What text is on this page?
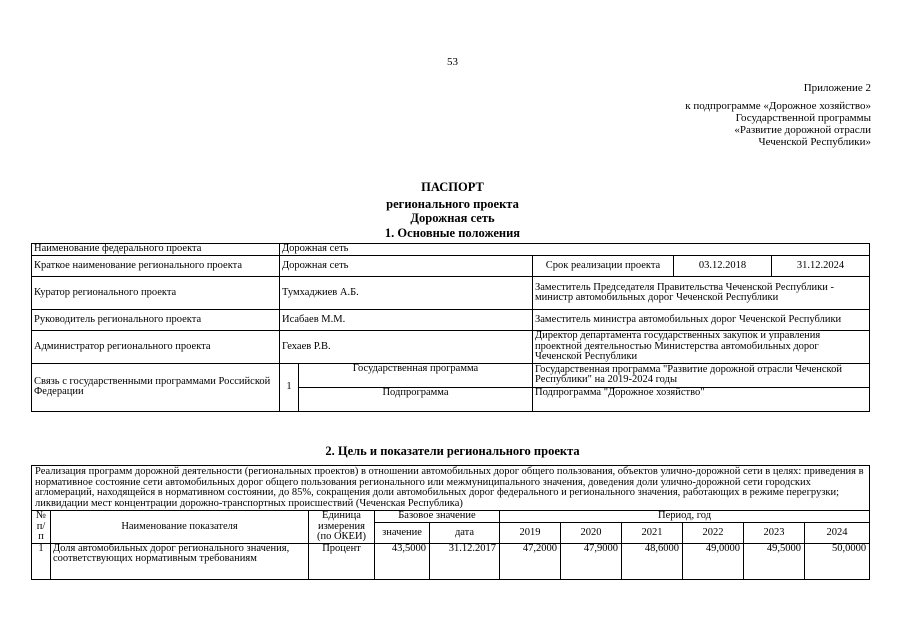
53
Приложение 2
к подпрограмме «Дорожное хозяйство»
Государственной программы
«Развитие дорожной отрасли
Чеченской Республики»
ПАСПОРТ
регионального проекта
Дорожная сеть
1. Основные положения
Наименование федерального проекта	Дорожная сеть				
Краткое наименование регионального проекта	Дорожная сеть		Срок реализации проекта	03.12.2018	31.12.2024
Куратор регионального проекта	Тумхаджиев А.Б.		Заместитель Председателя Правительства Чеченской Республики - министр автомобильных дорог Чеченской Республики		
Руководитель регионального проекта	Исабаев М.М.		Заместитель министра автомобильных дорог Чеченской Республики		
Администратор регионального проекта	Гехаев Р.В.		Директор департамента государственных закупок и управления проектной деятельностью Министерства автомобильных дорог Чеченской Республики		
Связь с государственными программами Российской Федерации	1	Государственная программа	Государственная программа "Развитие дорожной отрасли Чеченской Республики" на 2019-2024 годы		
		Подпрограмма	Подпрограмма "Дорожное хозяйство"		
2. Цель и показатели регионального проекта
Реализация программ дорожной деятельности (региональных проектов) в отношении автомобильных дорог общего пользования, объектов улично-дорожной сети в целях: приведения в нормативное состояние сети автомобильных дорог общего пользования регионального или межмуниципального значения, доведения доли улично-дорожной сети городских агломераций, находящейся в нормативном состоянии, до 85%, сокращения доли автомобильных дорог федерального и регионального значения, работающих в режиме перегрузки; ликвидации мест концентрации дорожно-транспортных происшествий (Чеченская Республика)										
№ п/п	Наименование показателя	Единица измерения (по ОКЕИ)	Базовое значение		Период, год					
			значение	дата	2019	2020	2021	2022	2023	2024
1	Доля автомобильных дорог регионального значения, соответствующих нормативным требованиям	Процент	43,5000	31.12.2017	47,2000	47,9000	48,6000	49,0000	49,5000	50,0000
